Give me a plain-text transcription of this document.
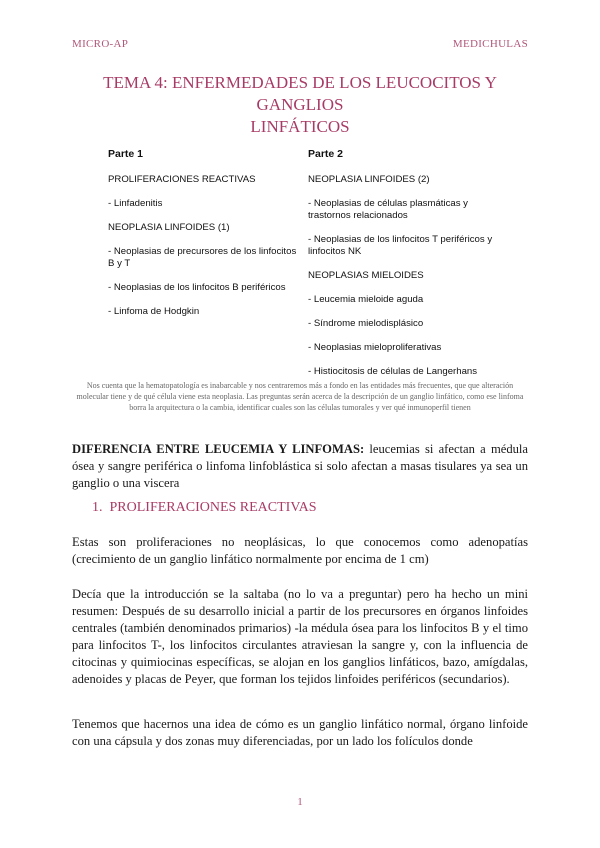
MICRO-AP	MEDICHULAS
TEMA 4: ENFERMEDADES DE LOS LEUCOCITOS Y GANGLIOS
LINFÁTICOS
Parte 1
PROLIFERACIONES REACTIVAS
- Linfadenitis
NEOPLASIA LINFOIDES (1)
- Neoplasias de precursores de los linfocitos B y T
- Neoplasias de los linfocitos B periféricos
- Linfoma de Hodgkin
Parte 2
NEOPLASIA LINFOIDES (2)
- Neoplasias de células plasmáticas y trastornos relacionados
- Neoplasias de los linfocitos T periféricos y linfocitos NK
NEOPLASIAS MIELOIDES
- Leucemia mieloide aguda
- Síndrome mielodisplásico
- Neoplasias mieloproliferativas
- Histiocitosis de células de Langerhans
Nos cuenta que la hematopatología es inabarcable y nos centraremos más a fondo en las entidades más frecuentes, que que alteración molecular tiene y de qué célula viene esta neoplasia. Las preguntas serán acerca de la descripción de un ganglio linfático, como ese linfoma borra la arquitectura o la cambia, identificar cuales son las células tumorales y ver qué inmunoperfil tienen
DIFERENCIA ENTRE LEUCEMIA Y LINFOMAS: leucemias si afectan a médula ósea y sangre periférica o linfoma linfoblástica si solo afectan a masas tisulares ya sea un ganglio o una viscera
1. PROLIFERACIONES REACTIVAS
Estas son proliferaciones no neoplásicas, lo que conocemos como adenopatías (crecimiento de un ganglio linfático normalmente por encima de 1 cm)
Decía que la introducción se la saltaba (no lo va a preguntar) pero ha hecho un mini resumen: Después de su desarrollo inicial a partir de los precursores en órganos linfoides centrales (también denominados primarios) -la médula ósea para los linfocitos B y el timo para linfocitos T-, los linfocitos circulantes atraviesan la sangre y, con la influencia de citocinas y quimiocinas específicas, se alojan en los ganglios linfáticos, bazo, amígdalas, adenoides y placas de Peyer, que forman los tejidos linfoides periféricos (secundarios).
Tenemos que hacernos una idea de cómo es un ganglio linfático normal, órgano linfoide con una cápsula y dos zonas muy diferenciadas, por un lado los folículos donde
1
